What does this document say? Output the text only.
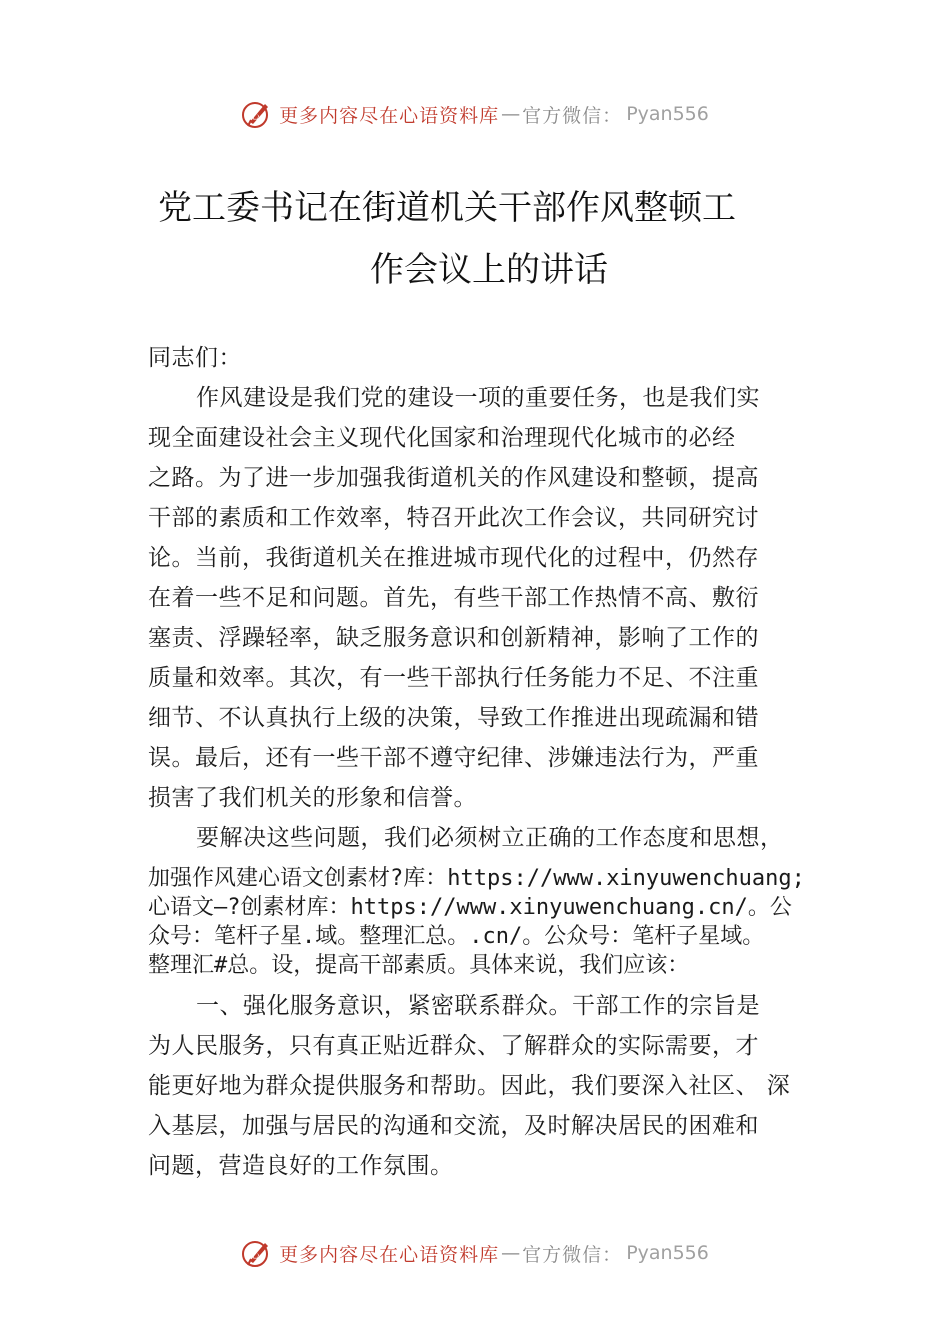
心 更多内容尽在心语资料库 — 官方微信： Pyan556
党工委书记在街道机关干部作风整顿工
作会议上的讲话

同志们：

作风建设是我们党的建设一项的重要任务，也是我们实

现全面建设社会主义现代化国家和治理现代化城市的必经

之路。为了进一步加强我街道机关的作风建设和整顿，提高

干部的素质和工作效率，特召开此次工作会议，共同研究讨

论。当前，我街道机关在推进城市现代化的过程中，仍然存

在着一些不足和问题。首先，有些干部工作热情不高、敷衍

塞责、浮躁轻率，缺乏服务意识和创新精神，影响了工作的

质量和效率。其次，有一些干部执行任务能力不足、不注重

细节、不认真执行上级的决策，导致工作推进出现疏漏和错

误。最后，还有一些干部不遵守纪律、涉嫌违法行为，严重

损害了我们机关的形象和信誉。

要解决这些问题，我们必须树立正确的工作态度和思想，

加强作风建心语文创素材?库：https://www.xinyuwenchuang;

心语文—?创素材库：https://www.xinyuwenchuang.cn/。公

众号：笔杆子星.域。整理汇总。.cn/。公众号：笔杆子星域。

整理汇#总。设，提高干部素质。具体来说，我们应该：

一、强化服务意识，紧密联系群众。干部工作的宗旨是

为人民服务，只有真正贴近群众、了解群众的实际需要，才

能更好地为群众提供服务和帮助。因此，我们要深入社区、 深

入基层，加强与居民的沟通和交流，及时解决居民的困难和

问题，营造良好的工作氛围。

心 更多内容尽在心语资料库 — 官方微信： Pyan556
